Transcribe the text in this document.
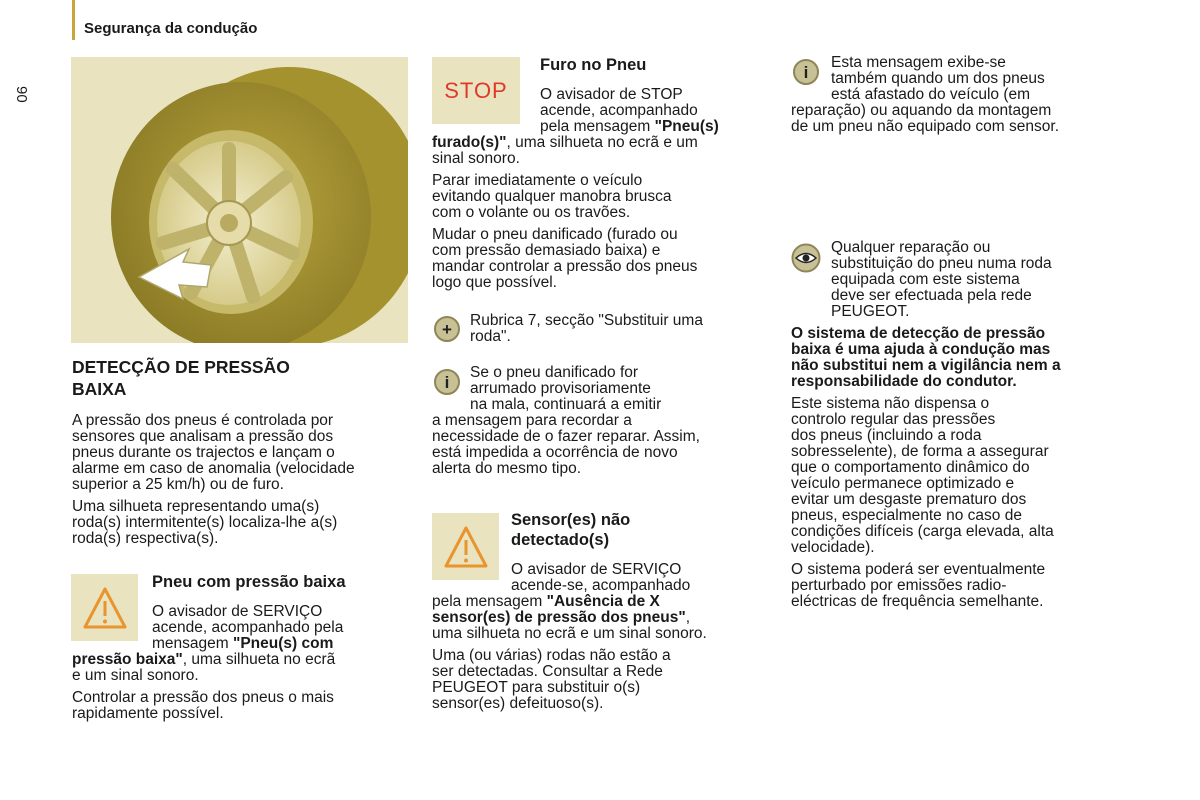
Segurança da condução
90
DETECÇÃO DE PRESSÃO
BAIXA

A pressão dos pneus é controlada por
sensores que analisam a pressão dos
pneus durante os trajectos e lançam o
alarme em caso de anomalia (velocidade
superior a 25 km/h) ou de furo.

Uma silhueta representando uma(s)
roda(s) intermitente(s) localiza-lhe a(s)
roda(s) respectiva(s).

Pneu com pressão baixa
O avisador de SERVIÇO
acende, acompanhado pela
mensagem "Pneu(s) com

pressão baixa", uma silhueta no ecrã
e um sinal sonoro.

Controlar a pressão dos pneus o mais
rapidamente possível.

STOP
Furo no Pneu
O avisador de STOP
acende, acompanhado
pela mensagem "Pneu(s)

furado(s)", uma silhueta no ecrã e um
sinal sonoro.

Parar imediatamente o veículo
evitando qualquer manobra brusca
com o volante ou os travões.

Mudar o pneu danificado (furado ou
com pressão demasiado baixa) e
mandar controlar a pressão dos pneus
logo que possível.

+ Rubrica 7, secção "Substituir uma
roda".
i Se o pneu danificado for
arrumado provisoriamente
na mala, continuará a emitir
a mensagem para recordar a
necessidade de o fazer reparar. Assim,
está impedida a ocorrência de novo
alerta do mesmo tipo.
Sensor(es) não
detectado(s)
O avisador de SERVIÇO
acende-se, acompanhado

pela mensagem "Ausência de X
sensor(es) de pressão dos pneus",
uma silhueta no ecrã e um sinal sonoro.

Uma (ou várias) rodas não estão a
ser detectadas. Consultar a Rede
PEUGEOT para substituir o(s)
sensor(es) defeituoso(s).

i Esta mensagem exibe-se
também quando um dos pneus
está afastado do veículo (em
reparação) ou aquando da montagem
de um pneu não equipado com sensor.
Qualquer reparação ou
substituição do pneu numa roda
equipada com este sistema
deve ser efectuada pela rede
PEUGEOT.

O sistema de detecção de pressão
baixa é uma ajuda à condução mas
não substitui nem a vigilância nem a
responsabilidade do condutor.

Este sistema não dispensa o
controlo regular das pressões
dos pneus (incluindo a roda
sobresselente), de forma a assegurar
que o comportamento dinâmico do
veículo permanece optimizado e
evitar um desgaste prematuro dos
pneus, especialmente no caso de
condições difíceis (carga elevada, alta
velocidade).

O sistema poderá ser eventualmente
perturbado por emissões radio-
eléctricas de frequência semelhante.
